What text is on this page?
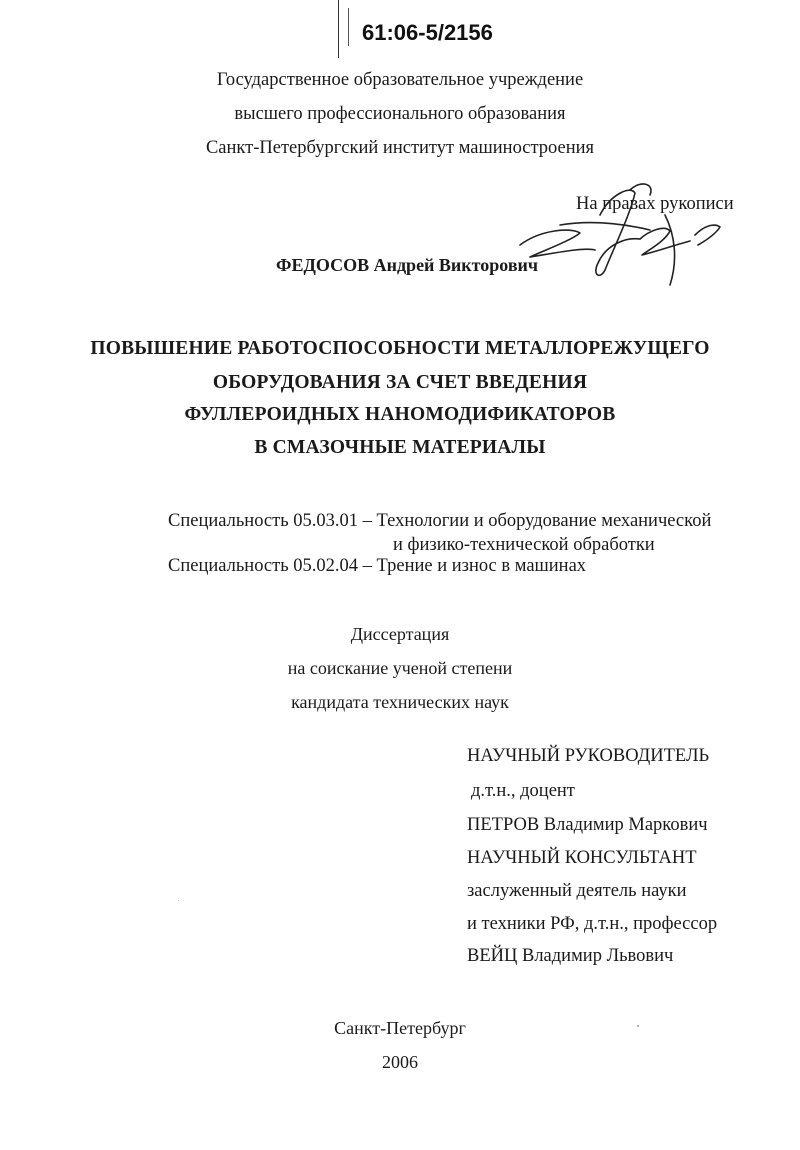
61:06-5/2156
Государственное образовательное учреждение
высшего профессионального образования
Санкт-Петербургский институт машиностроения
На правах рукописи
ФЕДОСОВ Андрей Викторович
ПОВЫШЕНИЕ РАБОТОСПОСОБНОСТИ МЕТАЛЛОРЕЖУЩЕГО
ОБОРУДОВАНИЯ ЗА СЧЕТ ВВЕДЕНИЯ
ФУЛЛЕРОИДНЫХ НАНОМОДИФИКАТОРОВ
В СМАЗОЧНЫЕ МАТЕРИАЛЫ
Специальность 05.03.01 – Технологии и оборудование механической
и физико-технической обработки
Специальность 05.02.04 – Трение и износ в машинах
Диссертация
на соискание ученой степени
кандидата технических наук
НАУЧНЫЙ РУКОВОДИТЕЛЬ
д.т.н., доцент
ПЕТРОВ Владимир Маркович
НАУЧНЫЙ КОНСУЛЬТАНТ
заслуженный деятель науки
и техники РФ, д.т.н., профессор
ВЕЙЦ Владимир Львович
Санкт-Петербург
2006
